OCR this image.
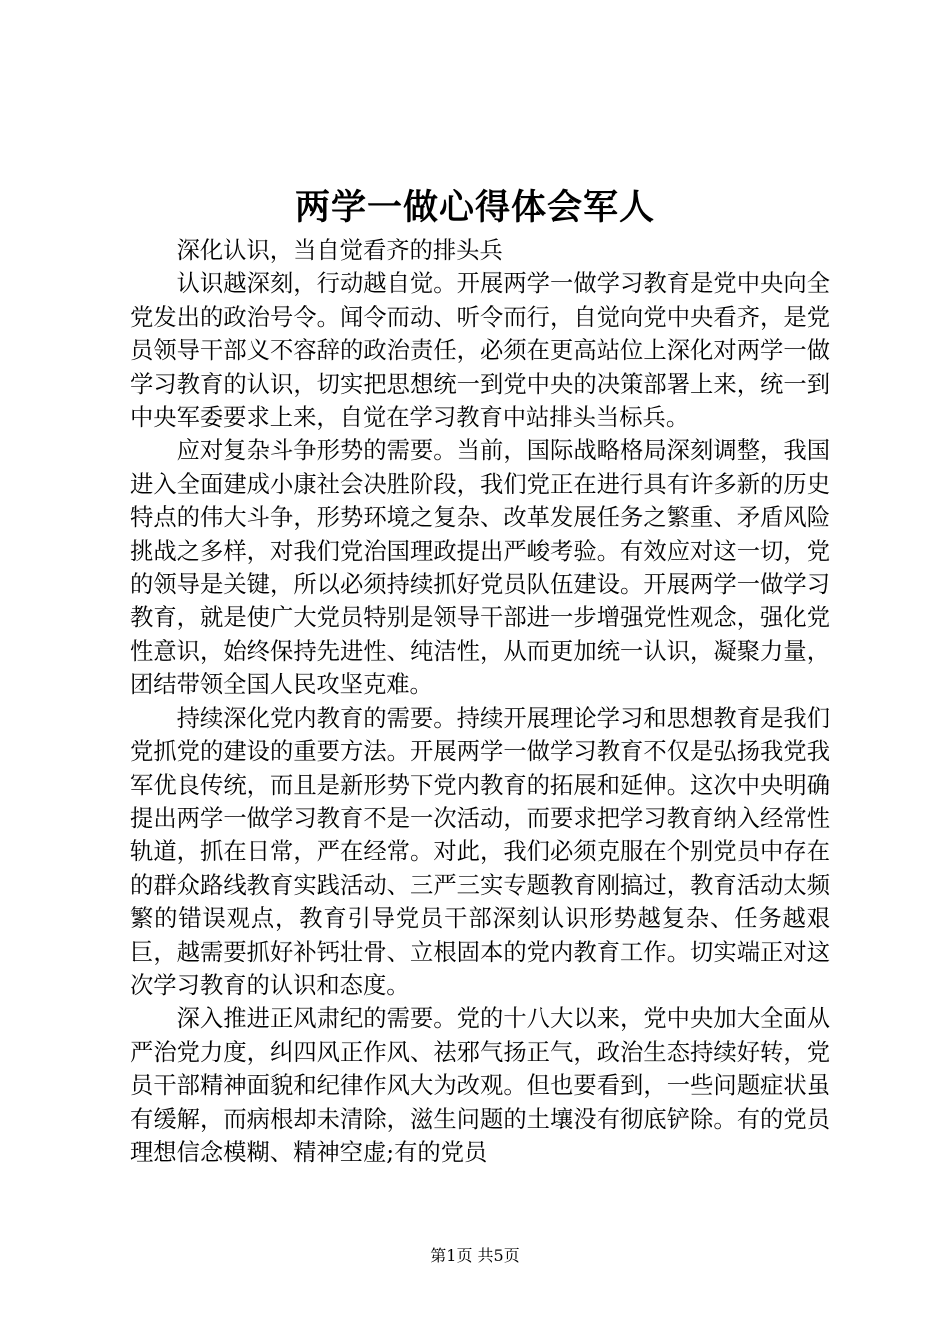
两学一做心得体会军人

深化认识，当自觉看齐的排头兵

认识越深刻，行动越自觉。开展两学一做学习教育是党中央向全党发出的政治号令。闻令而动、听令而行，自觉向党中央看齐，是党员领导干部义不容辞的政治责任，必须在更高站位上深化对两学一做学习教育的认识，切实把思想统一到党中央的决策部署上来，统一到中央军委要求上来，自觉在学习教育中站排头当标兵。

应对复杂斗争形势的需要。当前，国际战略格局深刻调整，我国进入全面建成小康社会决胜阶段，我们党正在进行具有许多新的历史特点的伟大斗争，形势环境之复杂、改革发展任务之繁重、矛盾风险挑战之多样，对我们党治国理政提出严峻考验。有效应对这一切，党的领导是关键，所以必须持续抓好党员队伍建设。开展两学一做学习教育，就是使广大党员特别是领导干部进一步增强党性观念，强化党性意识，始终保持先进性、纯洁性，从而更加统一认识，凝聚力量，团结带领全国人民攻坚克难。

持续深化党内教育的需要。持续开展理论学习和思想教育是我们党抓党的建设的重要方法。开展两学一做学习教育不仅是弘扬我党我军优良传统，而且是新形势下党内教育的拓展和延伸。这次中央明确提出两学一做学习教育不是一次活动，而要求把学习教育纳入经常性轨道，抓在日常，严在经常。对此，我们必须克服在个别党员中存在的群众路线教育实践活动、三严三实专题教育刚搞过，教育活动太频繁的错误观点，教育引导党员干部深刻认识形势越复杂、任务越艰巨，越需要抓好补钙壮骨、立根固本的党内教育工作。切实端正对这次学习教育的认识和态度。

深入推进正风肃纪的需要。党的十八大以来，党中央加大全面从严治党力度，纠四风正作风、祛邪气扬正气，政治生态持续好转，党员干部精神面貌和纪律作风大为改观。但也要看到，一些问题症状虽有缓解，而病根却未清除，滋生问题的土壤没有彻底铲除。有的党员理想信念模糊、精神空虚;有的党员

第1页 共5页
